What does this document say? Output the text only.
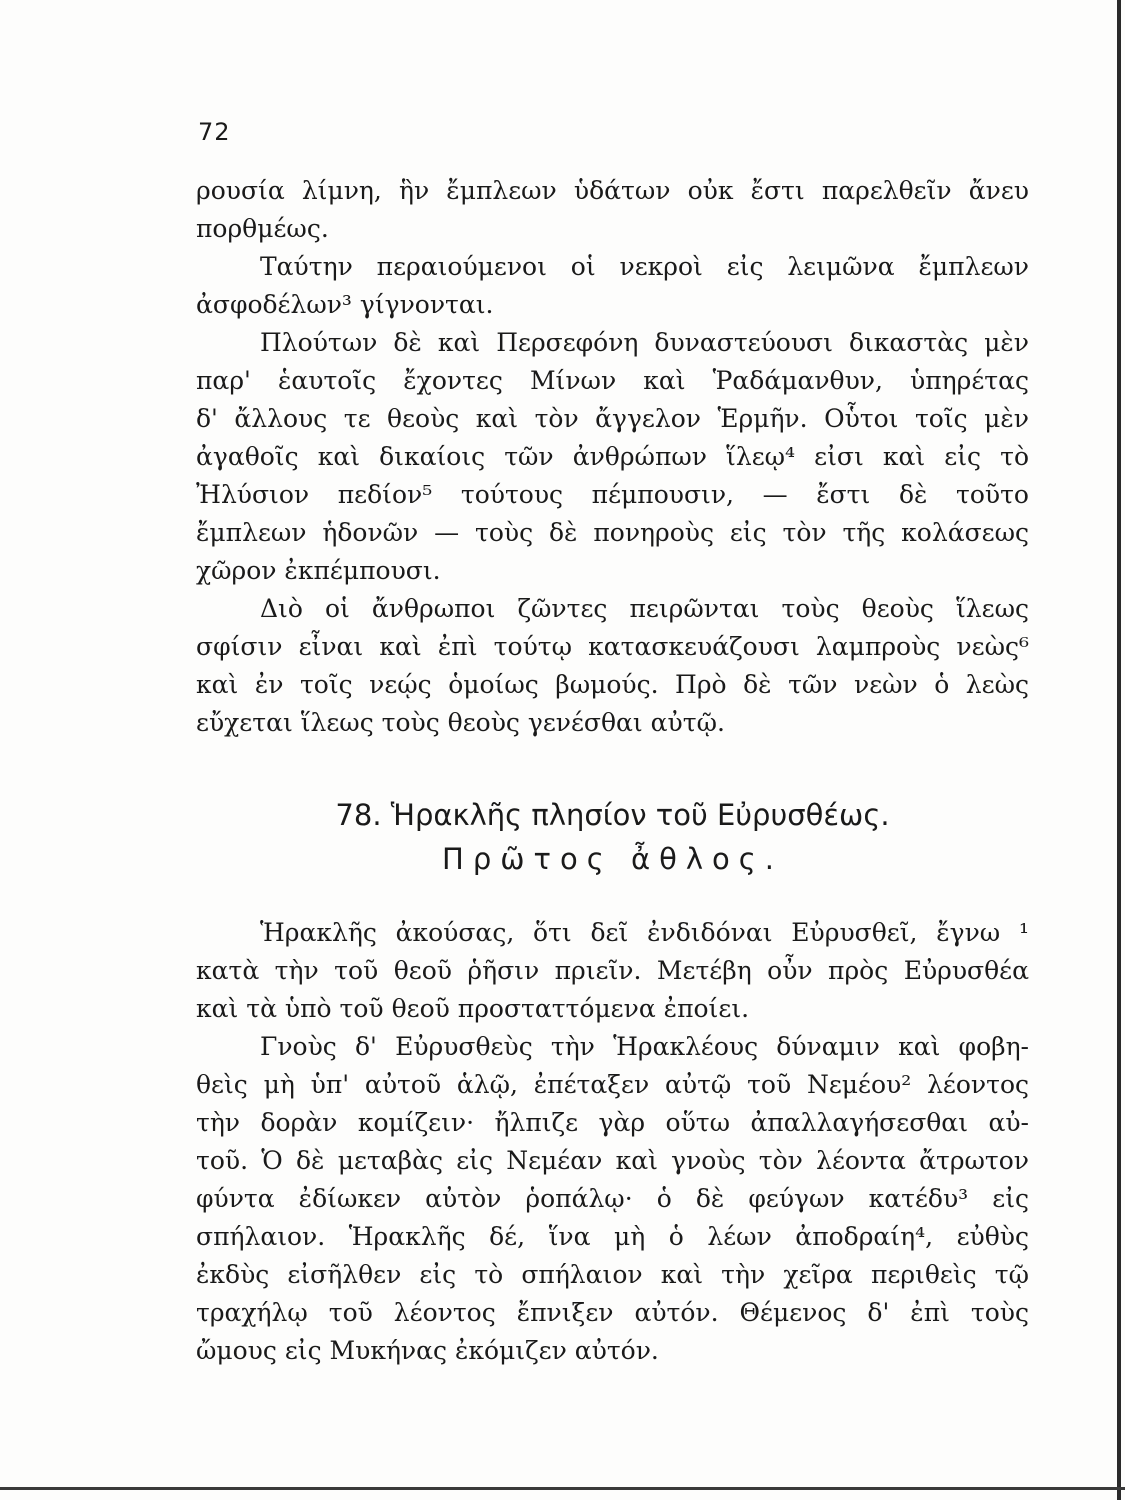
72
ρουσία λίμνη, ἣν ἔμπλεων ὑδάτων οὐκ ἔστι παρελθεῖν ἄνευ
πορθμέως.
Ταύτην περαιούμενοι οἱ νεκροὶ εἰς λειμῶνα ἔμπλεων
ἀσφοδέλων³ γίγνονται.
Πλούτων δὲ καὶ Περσεφόνη δυναστεύουσι δικαστὰς μὲν
παρ' ἑαυτοῖς ἔχοντες Μίνων καὶ Ῥαδάμανθυν, ὑπηρέτας
δ' ἄλλους τε θεοὺς καὶ τὸν ἄγγελον Ἑρμῆν. Οὗτοι τοῖς μὲν
ἀγαθοῖς καὶ δικαίοις τῶν ἀνθρώπων ἵλεῳ⁴ εἰσι καὶ εἰς τὸ
Ἠλύσιον πεδίον⁵ τούτους πέμπουσιν, — ἔστι δὲ τοῦτο
ἔμπλεων ἡδονῶν — τοὺς δὲ πονηροὺς εἰς τὸν τῆς κολάσεως
χῶρον ἐκπέμπουσι.
Διὸ οἱ ἄνθρωποι ζῶντες πειρῶνται τοὺς θεοὺς ἵλεως
σφίσιν εἶναι καὶ ἐπὶ τούτῳ κατασκευάζουσι λαμπροὺς νεὼς⁶
καὶ ἐν τοῖς νεῴς ὁμοίως βωμούς. Πρὸ δὲ τῶν νεὼν ὁ λεὼς
εὔχεται ἵλεως τοὺς θεοὺς γενέσθαι αὐτῷ.
78. Ἡρακλῆς πλησίον τοῦ Εὐρυσθέως.
Πρῶτος ἆθλος.
Ἡρακλῆς ἀκούσας, ὅτι δεῖ ἐνδιδόναι Εὐρυσθεῖ, ἔγνω ¹
κατὰ τὴν τοῦ θεοῦ ῥῆσιν πριεῖν. Μετέβη οὖν πρὸς Εὐρυσθέα
καὶ τὰ ὑπὸ τοῦ θεοῦ προσταττόμενα ἐποίει.
Γνοὺς δ' Εὐρυσθεὺς τὴν Ἡρακλέους δύναμιν καὶ φοβη-
θεὶς μὴ ὑπ' αὐτοῦ ἁλῷ, ἐπέταξεν αὐτῷ τοῦ Νεμέου² λέοντος
τὴν δορὰν κομίζειν· ἤλπιζε γὰρ οὕτω ἀπαλλαγήσεσθαι αὐ-
τοῦ. Ὁ δὲ μεταβὰς εἰς Νεμέαν καὶ γνοὺς τὸν λέοντα ἄτρωτον
φύντα ἐδίωκεν αὐτὸν ῥοπάλῳ· ὁ δὲ φεύγων κατέδυ³ εἰς
σπήλαιον. Ἡρακλῆς δέ, ἵνα μὴ ὁ λέων ἀποδραίη⁴, εὐθὺς
ἐκδὺς εἰσῆλθεν εἰς τὸ σπήλαιον καὶ τὴν χεῖρα περιθεὶς τῷ
τραχήλῳ τοῦ λέοντος ἔπνιξεν αὐτόν. Θέμενος δ' ἐπὶ τοὺς
ὤμους εἰς Μυκήνας ἐκόμιζεν αὐτόν.
